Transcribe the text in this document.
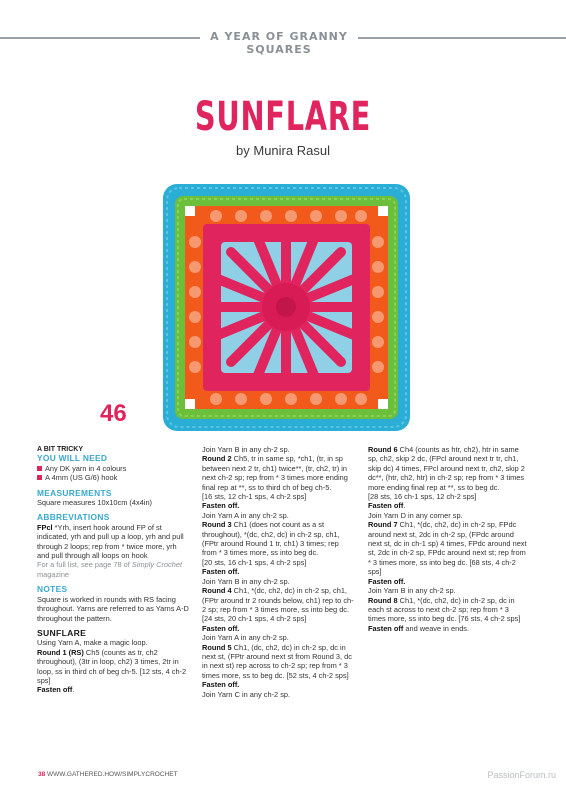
A YEAR OF GRANNY SQUARES
SUNFLARE
by Munira Rasul
46
A BIT TRICKY
YOU WILL NEED
Any DK yarn in 4 colours
A 4mm (US G/6) hook
MEASUREMENTS
Square measures 10x10cm (4x4in)
ABBREVIATIONS
FPcl *Yrh, insert hook around FP of st indicated, yrh and pull up a loop, yrh and pull through 2 loops; rep from * twice more, yrh and pull through all loops on hook
For a full list, see page 78 of Simply Crochet magazine
NOTES
Square is worked in rounds with RS facing throughout. Yarns are referred to as Yarns A-D throughout the pattern.
SUNFLARE
Using Yarn A, make a magic loop.
Round 1 (RS) Ch5 (counts as tr, ch2 throughout), (3tr in loop, ch2) 3 times, 2tr in loop, ss in third ch of beg ch-5. [12 sts, 4 ch-2 sps]
Fasten off.
Join Yarn B in any ch-2 sp.
Round 2 Ch5, tr in same sp, *ch1, (tr, in sp between next 2 tr, ch1) twice**, (tr, ch2, tr) in next ch-2 sp; rep from * 3 times more ending final rep at **, ss to third ch of beg ch-5.
[16 sts, 12 ch-1 sps, 4 ch-2 sps]
Fasten off.
Join Yarn A in any ch-2 sp.
Round 3 Ch1 (does not count as a st throughout), *(dc, ch2, dc) in ch-2 sp, ch1, (FPtr around Round 1 tr, ch1) 3 times; rep from * 3 times more, ss into beg dc.
[20 sts, 16 ch-1 sps, 4 ch-2 sps]
Fasten off.
Join Yarn B in any ch-2 sp.
Round 4 Ch1, *(dc, ch2, dc) in ch-2 sp, ch1, (FPtr around tr 2 rounds below, ch1) rep to ch-2 sp; rep from * 3 times more, ss into beg dc.
[24 sts, 20 ch-1 sps, 4 ch-2 sps]
Fasten off.
Join Yarn A in any ch-2 sp.
Round 5 Ch1, (dc, ch2, dc) in ch-2 sp, dc in next st, (FPtr around next st from Round 3, dc in next st) rep across to ch-2 sp; rep from * 3 times more, ss to beg dc. [52 sts, 4 ch-2 sps]
Fasten off.
Join Yarn C in any ch-2 sp.
Round 6 Ch4 (counts as htr, ch2), htr in same sp, ch2, skip 2 dc, (FPcl around next tr tr, ch1, skip dc) 4 times, FPcl around next tr, ch2, skip 2 dc**, (htr, ch2, htr) in ch-2 sp; rep from * 3 times more ending final rep at **, ss to beg dc.
[28 sts, 16 ch-1 sps, 12 ch-2 sps]
Fasten off.
Join Yarn D in any corner sp.
Round 7 Ch1, *(dc, ch2, dc) in ch-2 sp, FPdc around next st, 2dc in ch-2 sp, (FPdc around next st, dc in ch-1 sp) 4 times, FPdc around next st, 2dc in ch-2 sp, FPdc around next st; rep from * 3 times more, ss into beg dc. [68 sts, 4 ch-2 sps]
Fasten off.
Join Yarn B in any ch-2 sp.
Round 8 Ch1, *(dc, ch2, dc) in ch-2 sp, dc in each st across to next ch-2 sp; rep from * 3 times more, ss into beg dc. [76 sts, 4 ch-2 sps]
Fasten off and weave in ends.
38 WWW.GATHERED.HOW/SIMPLYCROCHET	PassionForum.ru
